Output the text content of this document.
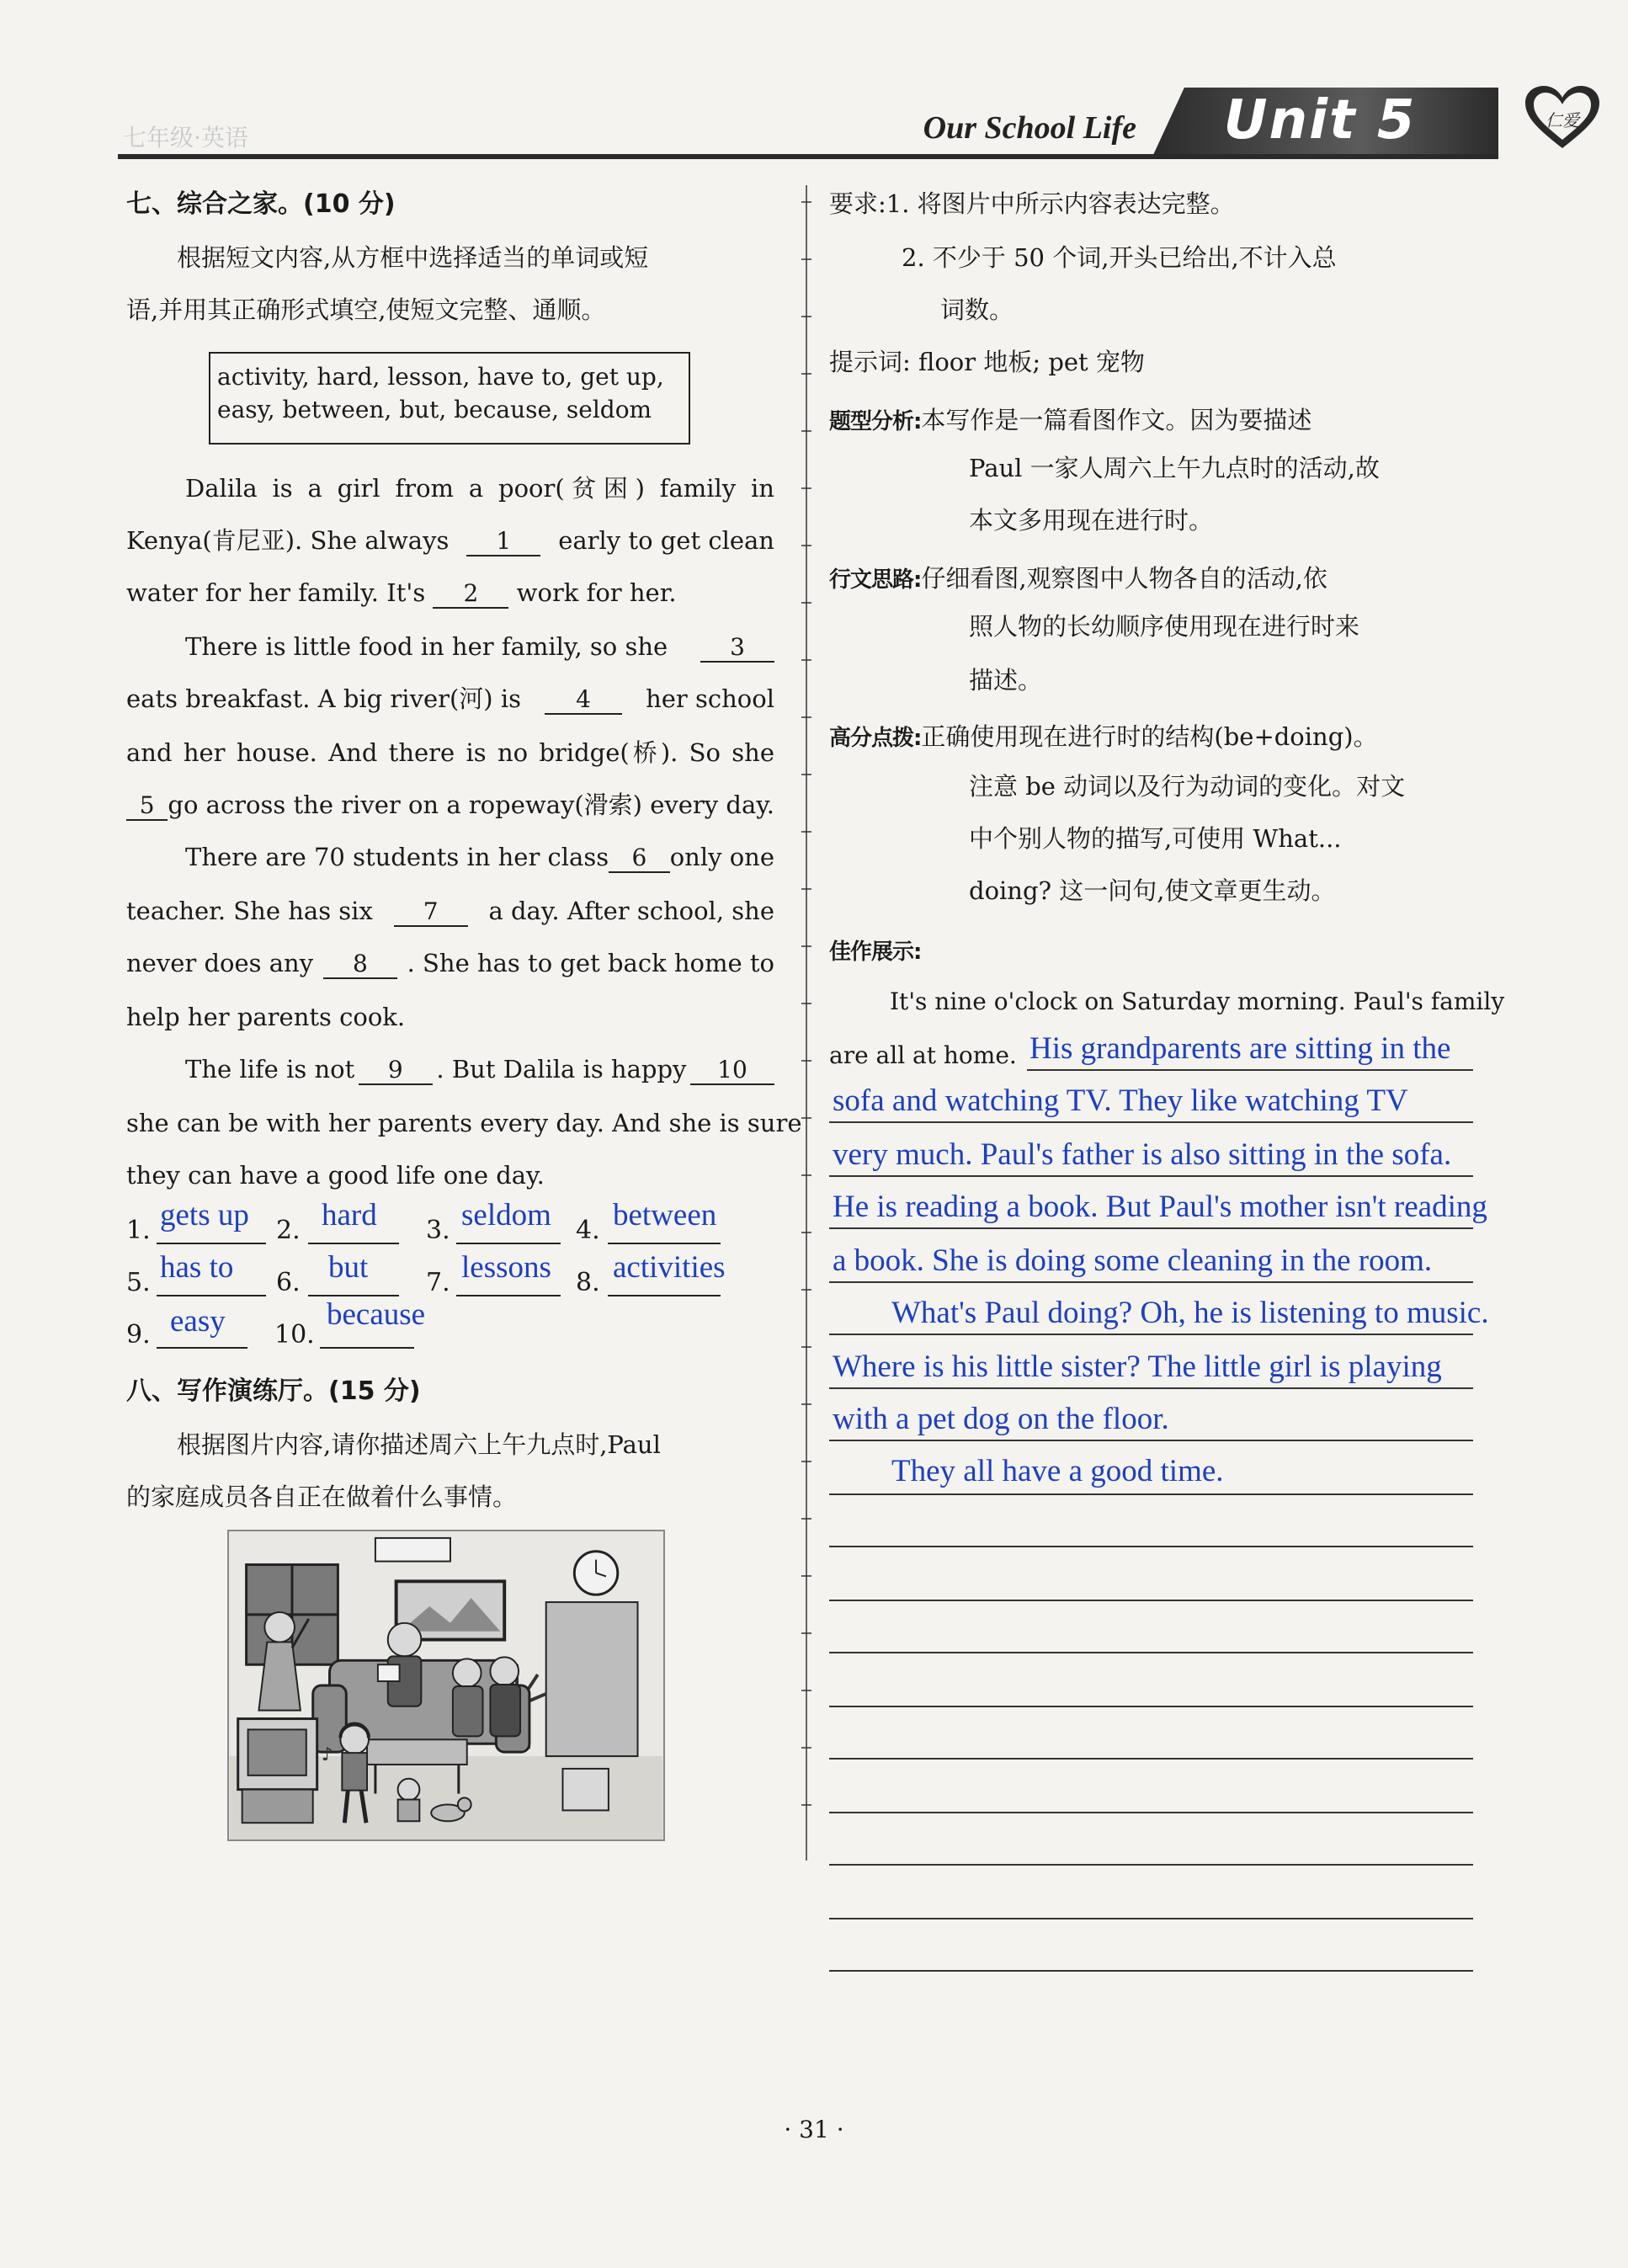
七年级·英语	Our School Life	Unit 5	仁爱
七、综合之家。(10 分)
根据短文内容,从方框中选择适当的单词或短
语,并用其正确形式填空,使短文完整、通顺。
activity, hard, lesson, have to, get up,
easy, between, but, because, seldom
Dalila is a girl from a poor(贫困) family in
Kenya(肯尼亚). She always	1	early to get clean
water for her family. It's 2 work for her.
There is little food in her family, so she	3
eats breakfast. A big river(河) is	4	her school
and her house. And there is no bridge(桥). So she
5 go across the river on a ropeway(滑索) every day.
There are 70 students in her class 6 only one
teacher. She has six	7	a day. After school, she
never does any	8	. She has to get back home to
help her parents cook.
The life is not	9	. But Dalila is happy	10
she can be with her parents every day. And she is sure
they can have a good life one day.
1. gets up 2. hard 3. seldom 4. between
5. has to 6. but 7. lessons 8. activities
9. easy 10.
because
八、写作演练厅。(15 分)
根据图片内容,请你描述周六上午九点时,Paul
的家庭成员各自正在做着什么事情。
♪
要求:1. 将图片中所示内容表达完整。
2. 不少于 50 个词,开头已给出,不计入总
词数。
提示词: floor 地板; pet 宠物
题型分析:本写作是一篇看图作文。因为要描述
Paul 一家人周六上午九点时的活动,故
本文多用现在进行时。
行文思路:仔细看图,观察图中人物各自的活动,依
照人物的长幼顺序使用现在进行时来
描述。
高分点拨:正确使用现在进行时的结构(be+doing)。
注意 be 动词以及行为动词的变化。对文
中个别人物的描写,可使用 What...
doing? 这一问句,使文章更生动。
佳作展示:
It's nine o'clock on Saturday morning. Paul's family
are all at home. His grandparents are sitting in the
sofa and watching TV. They like watching TV
very much. Paul's father is also sitting in the sofa.
He is reading a book. But Paul's mother isn't reading
a book. She is doing some cleaning in the room.
What's Paul doing? Oh, he is listening to music.
Where is his little sister? The little girl is playing
with a pet dog on the floor.
They all have a good time.
· 31 ·
